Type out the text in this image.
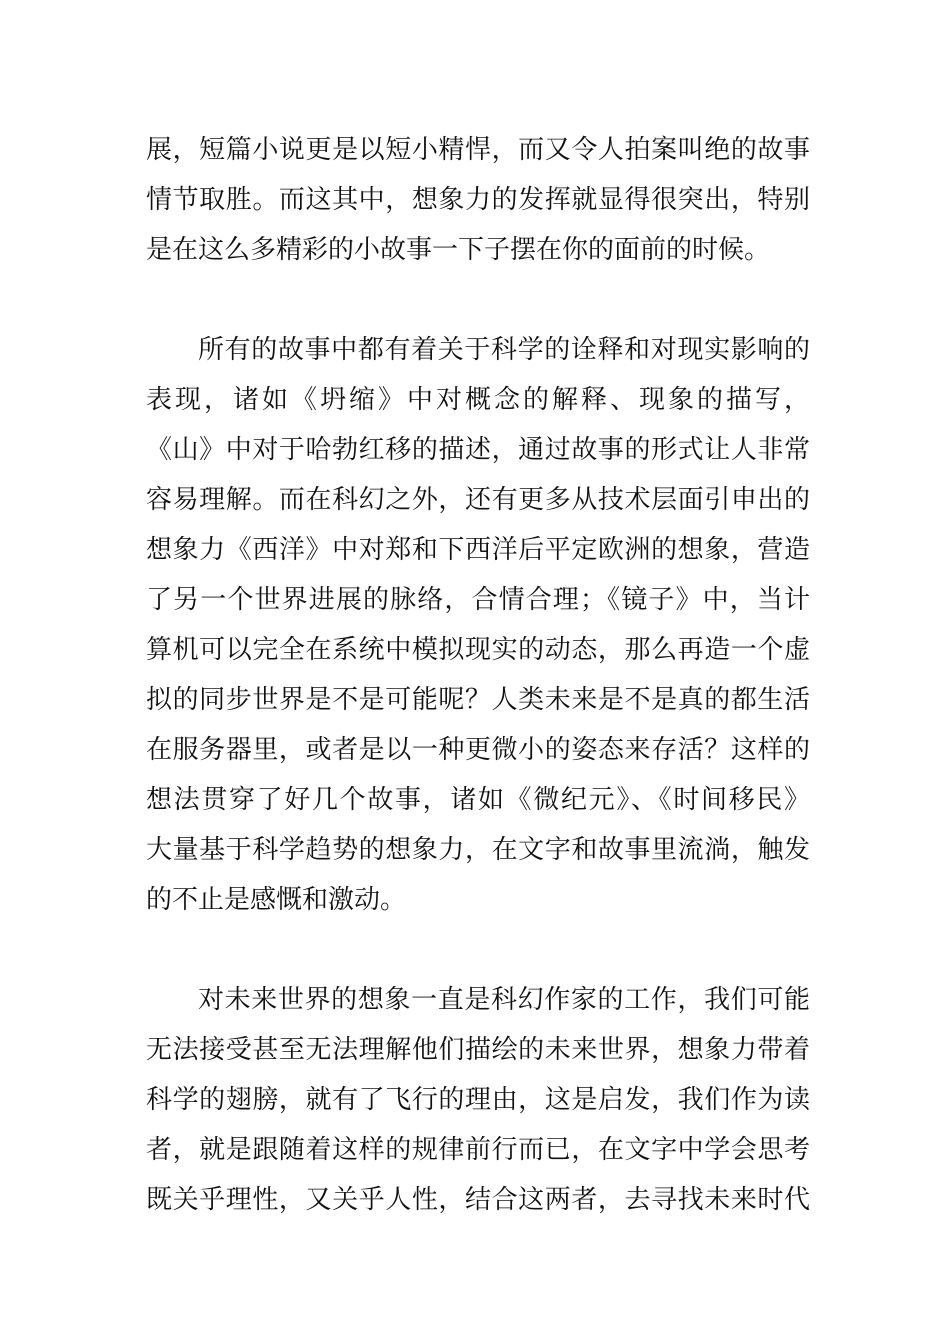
展，短篇小说更是以短小精悍，而又令人拍案叫绝的故事
情节取胜。而这其中，想象力的发挥就显得很突出，特别
是在这么多精彩的小故事一下子摆在你的面前的时候。
所有的故事中都有着关于科学的诠释和对现实影响的
表现，诸如《坍缩》中对概念的解释、现象的描写，
《山》中对于哈勃红移的描述，通过故事的形式让人非常
容易理解。而在科幻之外，还有更多从技术层面引申出的
想象力《西洋》中对郑和下西洋后平定欧洲的想象，营造
了另一个世界进展的脉络，合情合理；《镜子》中，当计
算机可以完全在系统中模拟现实的动态，那么再造一个虚
拟的同步世界是不是可能呢？人类未来是不是真的都生活
在服务器里，或者是以一种更微小的姿态来存活？这样的
想法贯穿了好几个故事，诸如《微纪元》、《时间移民》
大量基于科学趋势的想象力，在文字和故事里流淌，触发
的不止是感慨和激动。
对未来世界的想象一直是科幻作家的工作，我们可能
无法接受甚至无法理解他们描绘的未来世界，想象力带着
科学的翅膀，就有了飞行的理由，这是启发，我们作为读
者，就是跟随着这样的规律前行而已，在文字中学会思考
既关乎理性，又关乎人性，结合这两者，去寻找未来时代
